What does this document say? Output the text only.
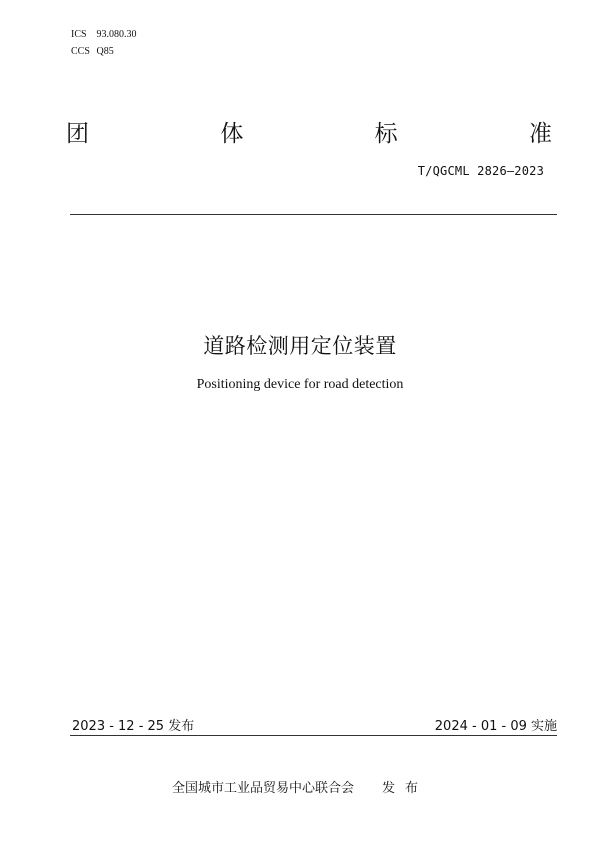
ICS 93.080.30
CCS Q85
团	体	标	准
T/QGCML 2826—2023
道路检测用定位装置
Positioning device for road detection
2023 - 12 - 25 发布	2024 - 01 - 09 实施
全国城市工业品贸易中心联合会 发布
